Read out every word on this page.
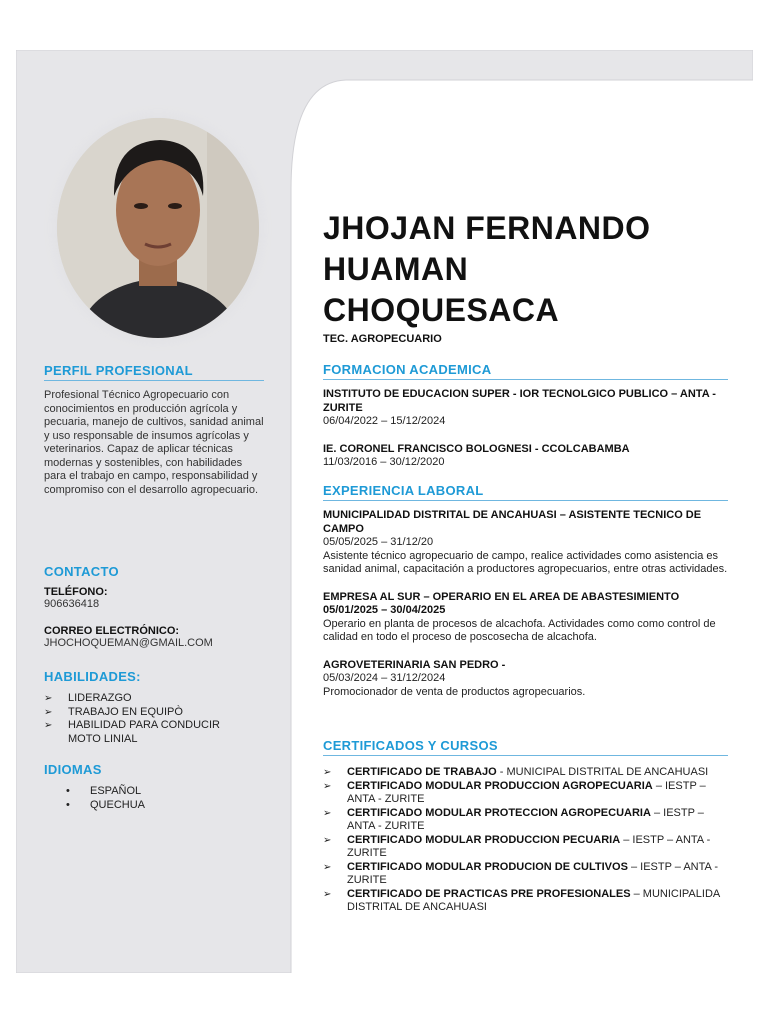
PERFIL PROFESIONAL
Profesional Técnico Agropecuario con conocimientos en producción agrícola y pecuaria, manejo de cultivos, sanidad animal y uso responsable de insumos agrícolas y veterinarios. Capaz de aplicar técnicas modernas y sostenibles, con habilidades para el trabajo en campo, responsabilidad y compromiso con el desarrollo agropecuario.
CONTACTO
TELÉFONO:
906636418
CORREO ELECTRÓNICO:
JHOCHOQUEMAN@GMAIL.COM
HABILIDADES:
➢ LIDERAZGO
➢ TRABAJO EN EQUIPÒ
➢ HABILIDAD PARA CONDUCIR MOTO LINIAL
IDIOMAS
• ESPAÑOL
• QUECHUA
JHOJAN FERNANDO
HUAMAN
CHOQUESACA
TEC. AGROPECUARIO
FORMACION ACADEMICA
INSTITUTO DE EDUCACION SUPER - IOR TECNOLGICO PUBLICO – ANTA - ZURITE
06/04/2022 – 15/12/2024
IE. CORONEL FRANCISCO BOLOGNESI - CCOLCABAMBA
11/03/2016 – 30/12/2020
EXPERIENCIA LABORAL
MUNICIPALIDAD DISTRITAL DE ANCAHUASI – ASISTENTE TECNICO DE CAMPO
05/05/2025 – 31/12/20
Asistente técnico agropecuario de campo, realice actividades como asistencia es sanidad animal, capacitación a productores agropecuarios, entre otras actividades.
EMPRESA AL SUR – OPERARIO EN EL AREA DE ABASTESIMIENTO
05/01/2025 – 30/04/2025
Operario en planta de procesos de alcachofa. Actividades como como control de calidad en todo el proceso de poscosecha de alcachofa.
AGROVETERINARIA SAN PEDRO -
05/03/2024 – 31/12/2024
Promocionador de venta de productos agropecuarios.
CERTIFICADOS Y CURSOS
➢ CERTIFICADO DE TRABAJO - MUNICIPAL DISTRITAL DE ANCAHUASI
➢ CERTIFICADO MODULAR PRODUCCION AGROPECUARIA – IESTP – ANTA - ZURITE
➢ CERTIFICADO MODULAR PROTECCION AGROPECUARIA – IESTP – ANTA - ZURITE
➢ CERTIFICADO MODULAR PRODUCCION PECUARIA – IESTP – ANTA - ZURITE
➢ CERTIFICADO MODULAR PRODUCION DE CULTIVOS – IESTP – ANTA - ZURITE
➢ CERTIFICADO DE PRACTICAS PRE PROFESIONALES – MUNICIPALIDA DISTRITAL DE ANCAHUASI
